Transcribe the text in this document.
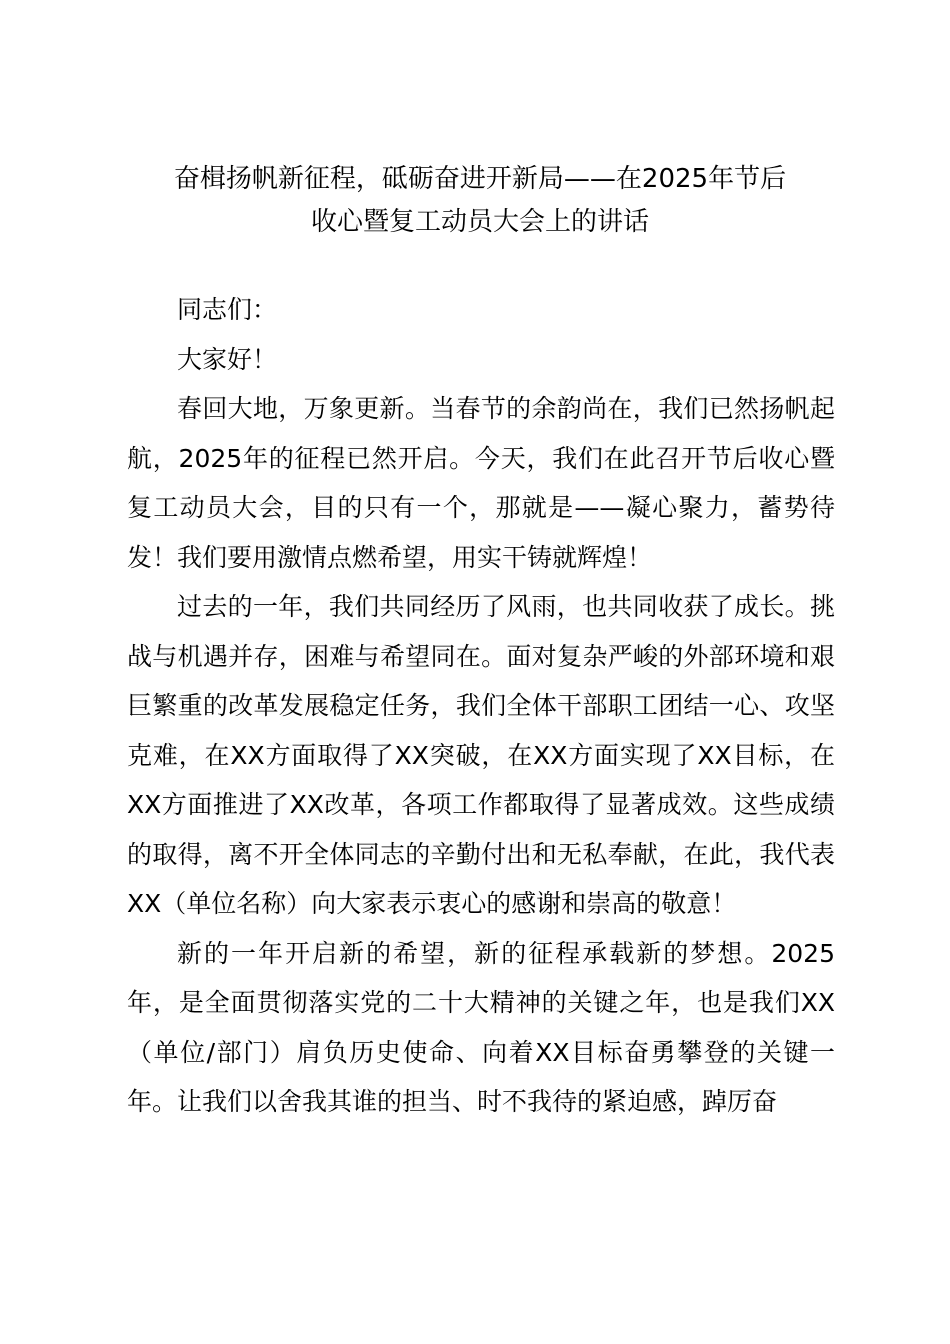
奋楫扬帆新征程，砥砺奋进开新局——在2025年节后
收心暨复工动员大会上的讲话

同志们：

大家好！

春回大地，万象更新。当春节的余韵尚在，我们已然扬帆起航，2025年的征程已然开启。今天，我们在此召开节后收心暨复工动员大会，目的只有一个，那就是——凝心聚力，蓄势待发！我们要用激情点燃希望，用实干铸就辉煌！

过去的一年，我们共同经历了风雨，也共同收获了成长。挑战与机遇并存，困难与希望同在。面对复杂严峻的外部环境和艰巨繁重的改革发展稳定任务，我们全体干部职工团结一心、攻坚克难，在XX方面取得了XX突破，在XX方面实现了XX目标，在XX方面推进了XX改革，各项工作都取得了显著成效。这些成绩的取得，离不开全体同志的辛勤付出和无私奉献，在此，我代表XX（单位名称）向大家表示衷心的感谢和崇高的敬意！

新的一年开启新的希望，新的征程承载新的梦想。2025年，是全面贯彻落实党的二十大精神的关键之年，也是我们XX（单位/部门）肩负历史使命、向着XX目标奋勇攀登的关键一年。让我们以舍我其谁的担当、时不我待的紧迫感，踔厉奋
